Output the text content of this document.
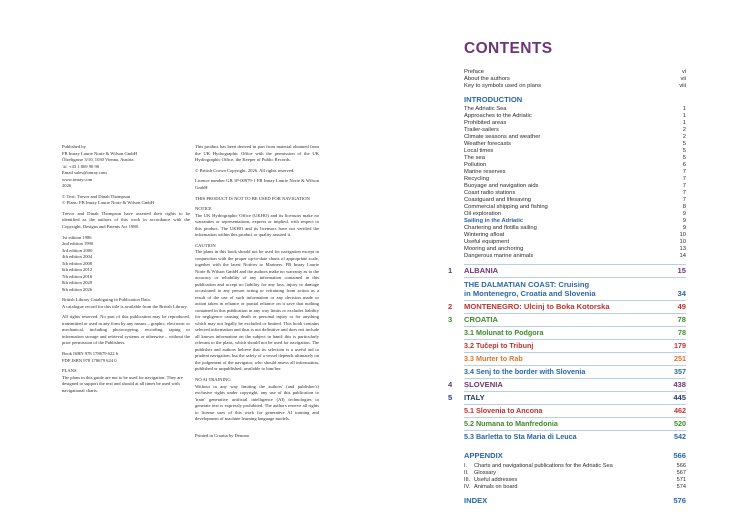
Published by
FB Imray Laurie Norie & Wilson GmbH
Ölzeltgasse 3/10, 1030 Vienna, Austria
☏ +43 1 869 90 90
Email sales@imray.com
www.imray.com
2026

© Text: Trevor and Dinah Thompson
© Plans: FB Imray Laurie Norie & Wilson GmbH

Trevor and Dinah Thompson have asserted their rights to be identified as the authors of this work in accordance with the Copyright, Designs and Patents Act 1988.

1st edition 1986
2nd edition 1990
3rd edition 2000
4th edition 2004
5th edition 2008
6th edition 2012
7th edition 2016
8th edition 2020
9th edition 2026

British Library Cataloguing in Publication Data.
A catalogue record for this title is available from the British Library.

All rights reserved. No part of this publication may be reproduced, transmitted or used in any form by any means – graphic, electronic or mechanical, including photocopying, recording, taping or information storage and retrieval systems or otherwise – without the prior permission of the Publishers.

Book ISBN 978 178679 622 6
PDF ISBN 978 178679 624 0

PLANS
The plans in this guide are not to be used for navigation. They are designed to support the text and should at all times be used with navigational charts.

This product has been derived in part from material obtained from the UK Hydrographic Office with the permission of the UK Hydrographic Office, the Keeper of Public Records.

© British Crown Copyright, 2026. All rights reserved.

Licence number GB 1P-00979-1 FB Imray Laurie Norie & Wilson GmbH

THIS PRODUCT IS NOT TO BE USED FOR NAVIGATION

NOTICE
The UK Hydrographic Office (UKHO) and its licensors make no warranties or representations, express or implied, with respect to this product. The UKHO and its licensors have not verified the information within this product or quality assured it.

CAUTION
The plans in this book should not be used for navigation except in conjunction with the proper up-to-date charts of appropriate scale, together with the latest Notices to Mariners. FB Imray Laurie Norie & Wilson GmbH and the authors make no warranty as to the accuracy or reliability of any information contained in this publication and accept no liability for any loss, injury or damage occasioned to any person acting or refraining from action as a result of the use of such information or any decision made or action taken in reliance or partial reliance on it save that nothing contained in this publication in any way limits or excludes liability for negligence causing death or personal injury or for anything which may not legally be excluded or limited. This book contains selected information and thus is not definitive and does not include all known information on the subject in hand; this is particularly relevant to the plans, which should not be used for navigation. The publisher and authors believe that its selection is a useful aid to prudent navigation, but the safety of a vessel depends ultimately on the judgement of the navigator, who should assess all information, published or unpublished, available to him/her.

NO AI TRAINING
Without in any way limiting the authors' (and publisher's) exclusive rights under copyright, any use of this publication to 'train' generative artificial intelligence (AI) technologies to generate text is expressly prohibited. The authors reserve all rights to license uses of this work for generative AI training and development of machine learning language models.

Printed in Croatia by Denona

CONTENTS
Preface	vi
About the authors	vii
Key to symbols used on plans	viii
INTRODUCTION
The Adriatic Sea	1
Approaches to the Adriatic	1
Prohibited areas	1
Trailer-sailers	2
Climate seasons and weather	2
Weather forecasts	5
Local times	5
The sea	5
Pollution	6
Marine reserves	7
Recycling	7
Buoyage and navigation aids	7
Coast radio stations	7
Coastguard and lifesaving	7
Commercial shipping and fishing	8
Oil exploration	9
Sailing in the Adriatic	9
Chartering and flotilla sailing	9
Wintering afloat	10
Useful equipment	10
Mooring and anchoring	13
Dangerous marine animals	14
1 ALBANIA	15
THE DALMATIAN COAST: Cruising
in Montenegro, Croatia and Slovenia	34
2 MONTENEGRO: Ulcinj to Boka Kotorska	49
3 CROATIA	78
3.1 Molunat to Podgora	78
3.2 Tučepi to Tribunj	179
3.3 Murter to Rab	251
3.4 Senj to the border with Slovenia	357
4 SLOVENIA	438
5 ITALY	445
5.1 Slovenia to Ancona	462
5.2 Numana to Manfredonia	520
5.3 Barletta to Sta Maria di Leuca	542
APPENDIX	566
I. Charts and navigational publications for the Adriatic Sea	566
II. Glossary	567
III. Useful addresses	571
IV. Animals on board	574
INDEX	576
